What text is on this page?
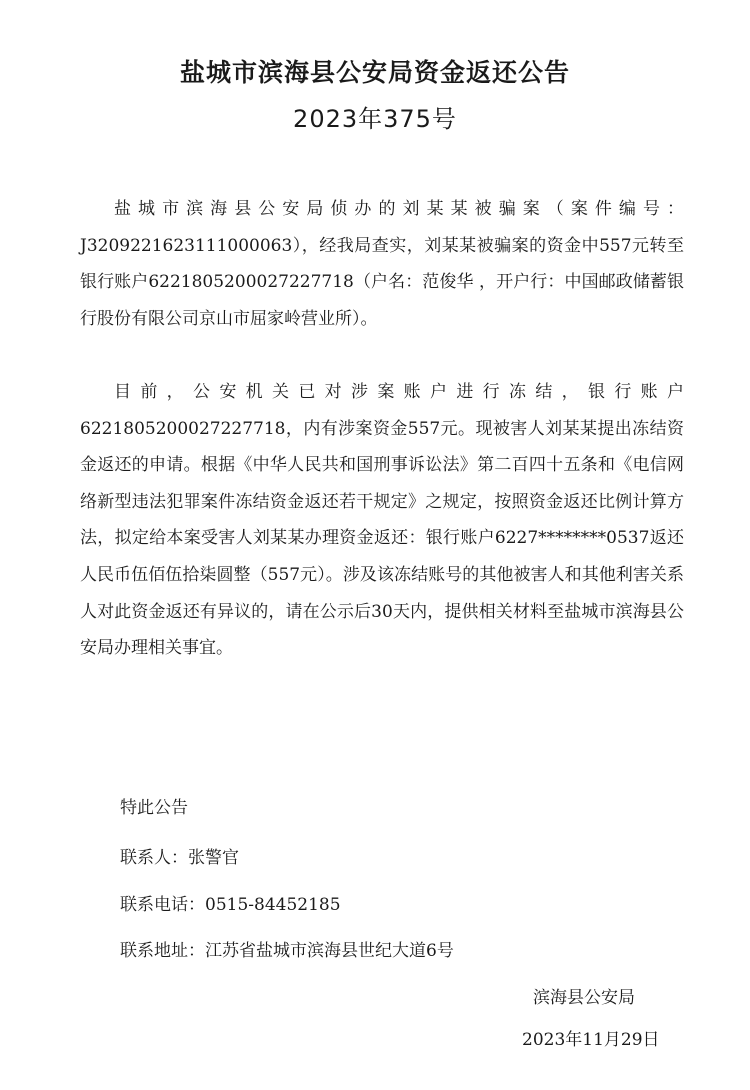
盐城市滨海县公安局资金返还公告
2023年375号

盐城市滨海县公安局侦办的刘某某被骗案（案件编号：J3209221623111000063），经我局查实，刘某某被骗案的资金中557元转至银行账户6221805200027227718（户名：范俊华 ，开户行：中国邮政储蓄银行股份有限公司京山市屈家岭营业所）。

目前，公安机关已对涉案账户进行冻结，银行账户6221805200027227718，内有涉案资金557元。现被害人刘某某提出冻结资金返还的申请。根据《中华人民共和国刑事诉讼法》第二百四十五条和《电信网络新型违法犯罪案件冻结资金返还若干规定》之规定，按照资金返还比例计算方法，拟定给本案受害人刘某某办理资金返还：银行账户6227********0537返还人民币伍佰伍拾柒圆整（557元）。涉及该冻结账号的其他被害人和其他利害关系人对此资金返还有异议的，请在公示后30天内，提供相关材料至盐城市滨海县公安局办理相关事宜。

特此公告
联系人：张警官
联系电话：0515-84452185
联系地址：江苏省盐城市滨海县世纪大道6号
滨海县公安局
2023年11月29日
